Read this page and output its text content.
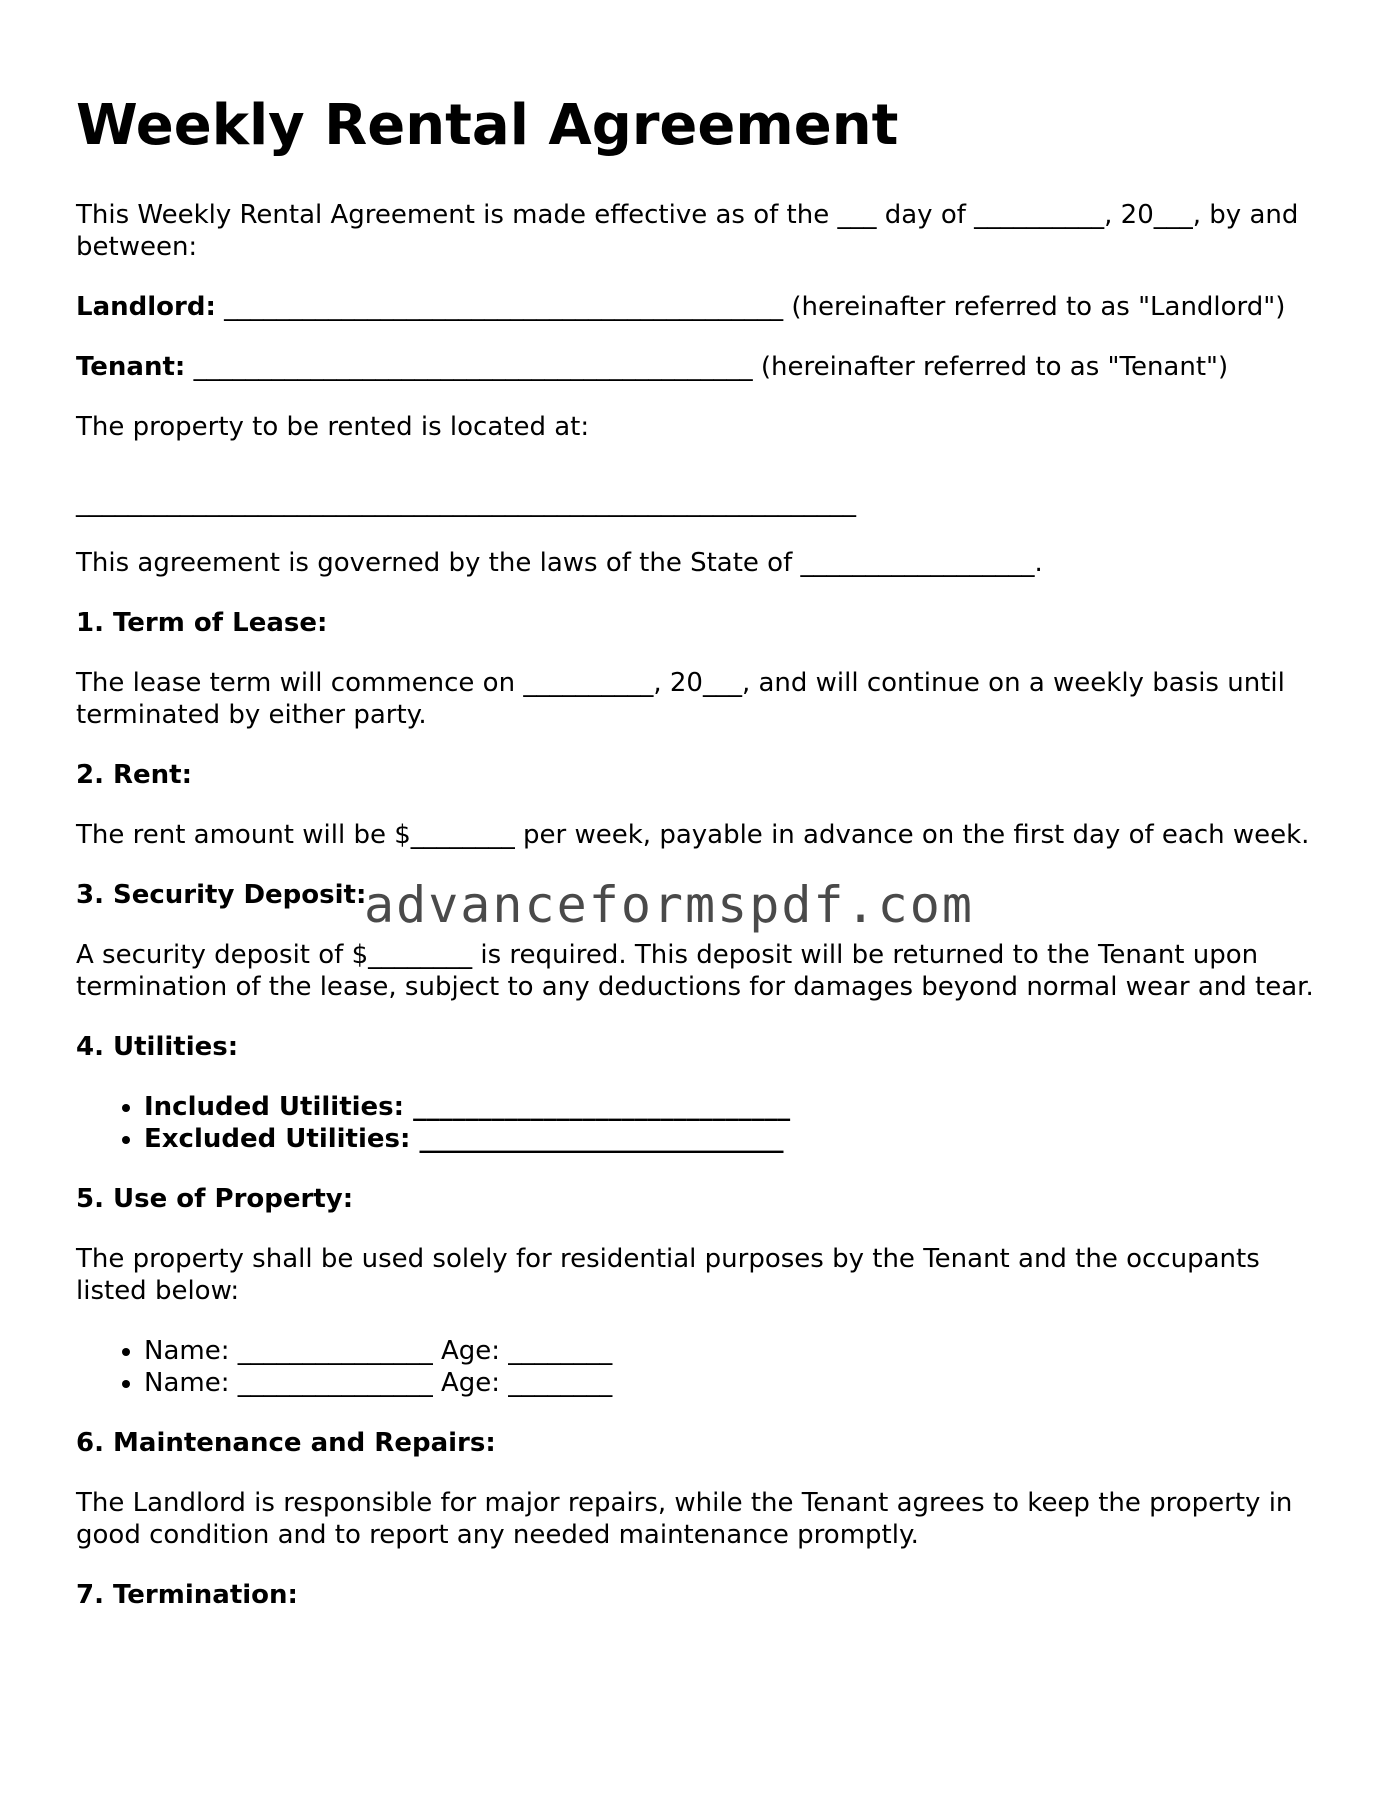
Weekly Rental Agreement

This Weekly Rental Agreement is made effective as of the ___ day of __________, 20___, by and between:

Landlord: ___________________________________________ (hereinafter referred to as "Landlord")

Tenant: ___________________________________________ (hereinafter referred to as "Tenant")

The property to be rented is located at:

____________________________________________________________

This agreement is governed by the laws of the State of __________________.

1. Term of Lease:

The lease term will commence on __________, 20___, and will continue on a weekly basis until terminated by either party.

2. Rent:

The rent amount will be $________ per week, payable in advance on the first day of each week.

3. Security Deposit:

A security deposit of $________ is required. This deposit will be returned to the Tenant upon termination of the lease, subject to any deductions for damages beyond normal wear and tear.

4. Utilities:
• Included Utilities: _____________________________
• Excluded Utilities: ____________________________
5. Use of Property:

The property shall be used solely for residential purposes by the Tenant and the occupants listed below:

• Name: _______________ Age: ________
• Name: _______________ Age: ________
6. Maintenance and Repairs:

The Landlord is responsible for major repairs, while the Tenant agrees to keep the property in good condition and to report any needed maintenance promptly.

7. Termination:
advanceformspdf.com
